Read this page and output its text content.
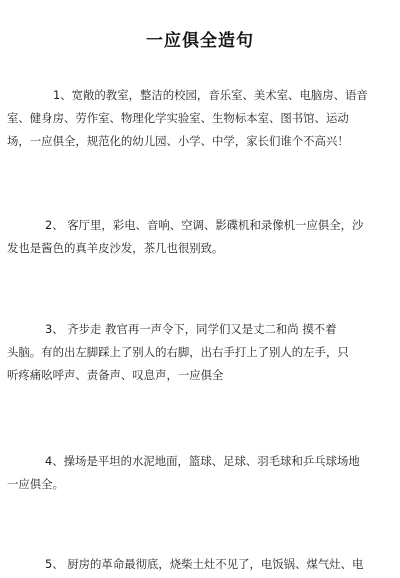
一应俱全造句
1、宽敞的教室，整洁的校园，音乐室、美术室、电脑房、语音
室、健身房、劳作室、物理化学实验室、生物标本室、图书馆、运动
场，一应俱全，规范化的幼儿园、小学、中学，家长们谁个不高兴！
2、 客厅里，彩电、音响、空调、影碟机和录像机一应俱全，沙
发也是酱色的真羊皮沙发，茶几也很别致。
3、 齐步走 教官再一声令下，同学们又是丈二和尚 摸不着
头脑。有的出左脚踩上了别人的右脚，出右手打上了别人的左手，只
听疼痛吆呼声、责备声、叹息声，一应俱全
4、操场是平坦的水泥地面，篮球、足球、羽毛球和乒乓球场地
一应俱全。
5、 厨房的革命最彻底，烧柴土灶不见了，电饭锅、煤气灶、电
